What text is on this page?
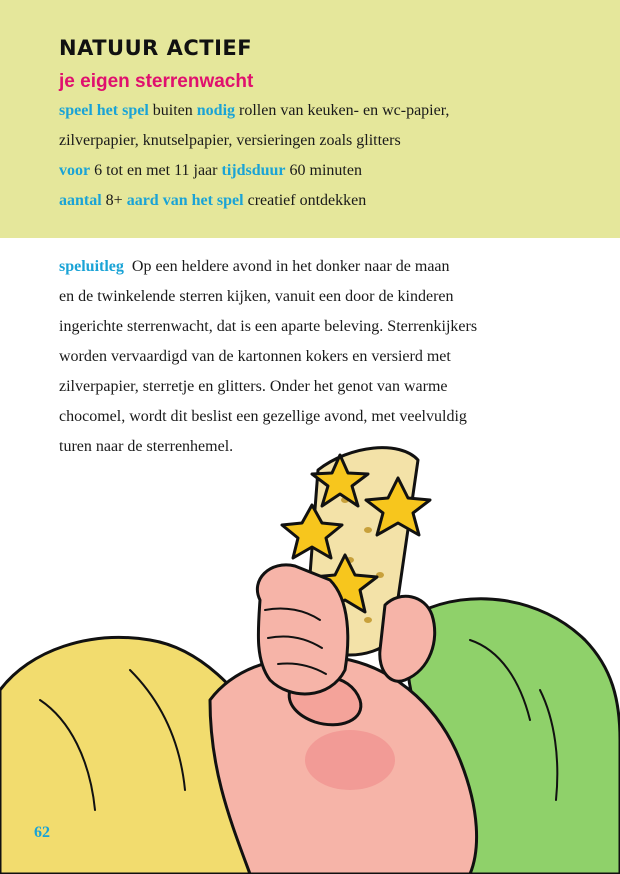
NATUUR ACTIEF
je eigen sterrenwacht
speel het spel buiten nodig rollen van keuken- en wc-papier,
zilverpapier, knutselpapier, versieringen zoals glitters
voor 6 tot en met 11 jaar tijdsduur 60 minuten
aantal 8+ aard van het spel creatief ontdekken

speluitleg Op een heldere avond in het donker naar de maan
en de twinkelende sterren kijken, vanuit een door de kinderen
ingerichte sterrenwacht, dat is een aparte beleving. Sterrenkijkers
worden vervaardigd van de kartonnen kokers en versierd met
zilverpapier, sterretje en glitters. Onder het genot van warme
chocomel, wordt dit beslist een gezellige avond, met veelvuldig
turen naar de sterrenhemel.

62
